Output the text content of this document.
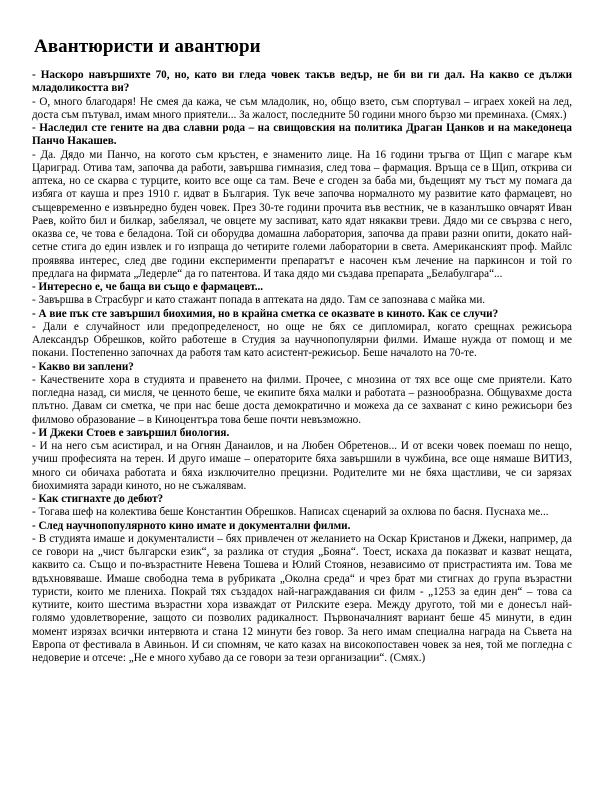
Авантюристи и авантюри

- Наскоро навършихте 70, но, като ви гледа човек такъв ведър, не би ви ги дал. На какво се дължи младоликостта ви?

- О, много благодаря! Не смея да кажа, че съм младолик, но, общо взето, съм спортувал – играех хокей на лед, доста съм пътувал, имам много приятели... За жалост, последните 50 години много бързо ми преминаха. (Смях.)

- Наследил сте гените на два славни рода – на свищовския на политика Драган Цанков и на македонеца Панчо Накашев.

- Да. Дядо ми Панчо, на когото съм кръстен, е знаменито лице. На 16 години тръгва от Щип с магаре към Цариград. Отива там, започва да работи, завършва гимназия, след това – фармация. Връща се в Щип, открива си аптека, но се скарва с турците, които все още са там. Вече е сгоден за баба ми, бъдещият му тъст му помага да избяга от кауша и през 1910 г. идват в България. Тук вече започва нормалното му развитие като фармацевт, но същевременно е извънредно буден човек. През 30-те години прочита във вестник, че в казанлъшко овчарят Иван Раев, който бил и билкар, забелязал, че овцете му заспиват, като ядат някакви треви. Дядо ми се свързва с него, оказва се, че това е беладона. Той си оборудва домашна лаборатория, започва да прави разни опити, докато най-сетне стига до един извлек и го изпраща до четирите големи лаборатории в света. Американският проф. Майлс проявява интерес, след две години експерименти препаратът е насочен към лечение на паркинсон и той го предлага на фирмата „Ледерле“ да го патентова. И така дядо ми създава препарата „Белабулгара“...

- Интересно е, че баща ви също е фармацевт...

- Завършва в Страсбург и като стажант попада в аптеката на дядо. Там се запознава с майка ми.

- А вие пък сте завършил биохимия, но в крайна сметка се оказвате в киното. Как се случи?

- Дали е случайност или предопределеност, но още не бях се дипломирал, когато срещнах режисьора Александър Обрешков, който работеше в Студия за научнопопулярни филми. Имаше нужда от помощ и ме покани. Постепенно започнах да работя там като асистент-режисьор. Беше началото на 70-те.

- Какво ви заплени?

- Качествените хора в студията и правенето на филми. Прочее, с мнозина от тях все още сме приятели. Като погледна назад, си мисля, че ценното беше, че екипите бяха малки и работата – разнообразна. Общувахме доста плътно. Давам си сметка, че при нас беше доста демократично и можеха да се захванат с кино режисьори без филмово образование – в Киноцентъра това беше почти невъзможно.

- И Джеки Стоев е завършил биология.

- И на него съм асистирал, и на Огнян Данаилов, и на Любен Обретенов... И от всеки човек поемаш по нещо, учиш професията на терен. И друго имаше – операторите бяха завършили в чужбина, все още нямаше ВИТИЗ, много си обичаха работата и бяха изключително прецизни. Родителите ми не бяха щастливи, че си зарязах биохимията заради киното, но не съжалявам.

- Как стигнахте до дебют?

- Тогава шеф на колектива беше Константин Обрешков. Написах сценарий за охлюва по басня. Пуснаха ме...

- След научнопопулярното кино имате и документални филми.

- В студията имаше и документалисти – бях привлечен от желанието на Оскар Кристанов и Джеки, например, да се говори на „чист български език“, за разлика от студия „Бояна“. Тоест, искаха да показват и казват нещата, каквито са. Също и по-възрастните Невена Тошева и Юлий Стоянов, независимо от пристрастията им. Това ме вдъхновяваше. Имаше свободна тема в рубриката „Околна среда“ и чрез брат ми стигнах до група възрастни туристи, които ме плениха. Покрай тях създадох най-награждавания си филм - „1253 за един ден“ – това са кутиите, които шестима възрастни хора изваждат от Рилските езера. Между другото, той ми е донесъл най-голямо удовлетворение, защото си позволих радикалност. Първоначалният вариант беше 45 минути, в един момент изрязах всички интервюта и стана 12 минути без говор. За него имам специална награда на Съвета на Европа от фестивала в Авиньон. И си спомням, че като казах на високопоставен човек за нея, той ме погледна с недоверие и отсече: „Не е много хубаво да се говори за тези организации“. (Смях.)
